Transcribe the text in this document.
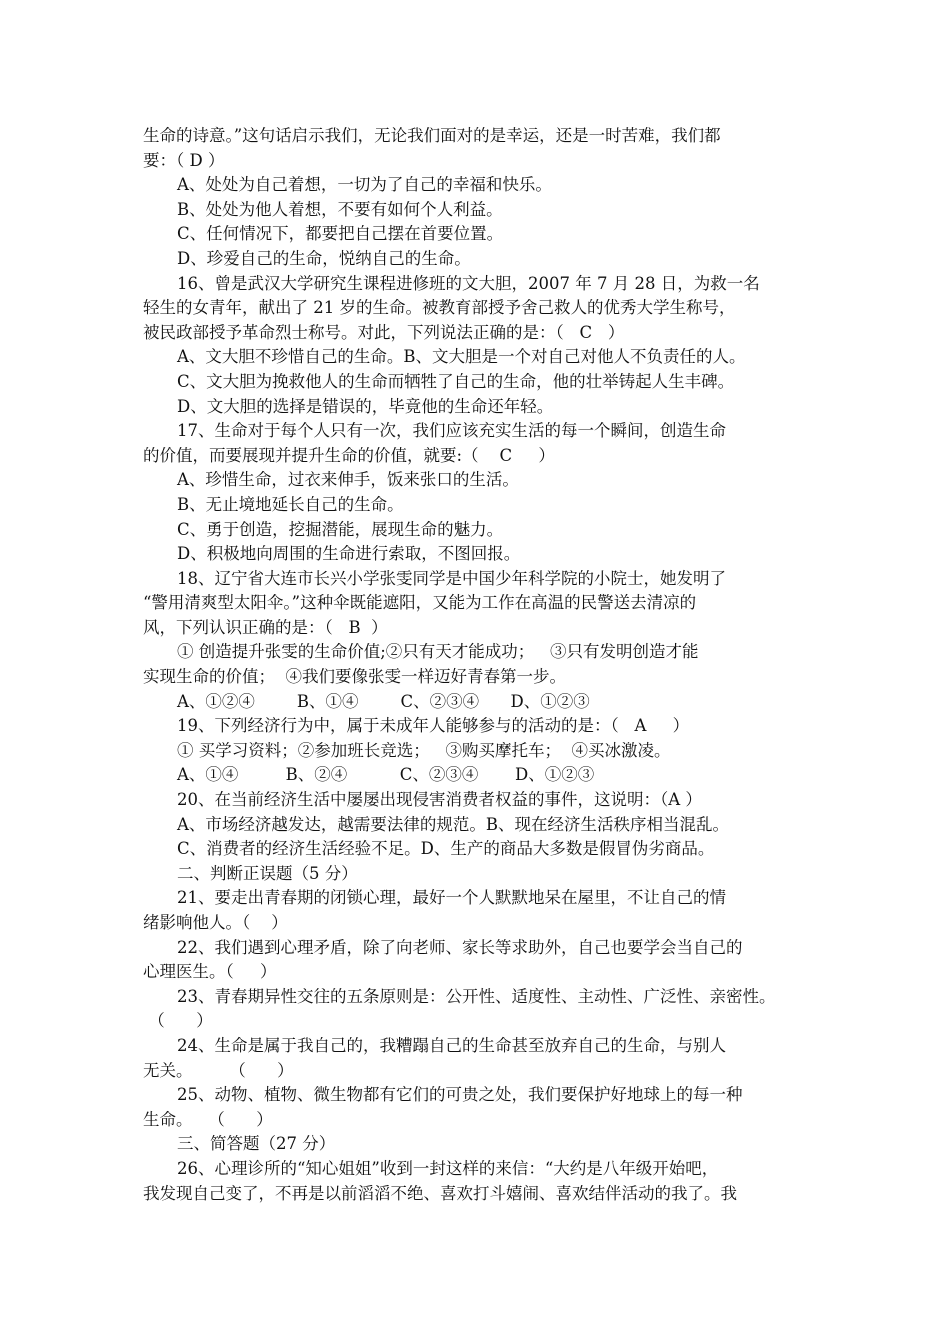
生命的诗意。”这句话启示我们，无论我们面对的是幸运，还是一时苦难，我们都
要：（ D ）
A、处处为自己着想，一切为了自己的幸福和快乐。
B、处处为他人着想，不要有如何个人利益。
C、任何情况下，都要把自己摆在首要位置。
D、珍爱自己的生命，悦纳自己的生命。
16、曾是武汉大学研究生课程进修班的文大胆，2007 年 7 月 28 日，为救一名
轻生的女青年，献出了 21 岁的生命。被教育部授予舍己救人的优秀大学生称号，
被民政部授予革命烈士称号。对此，下列说法正确的是：（   C   ）
A、文大胆不珍惜自己的生命。B、文大胆是一个对自己对他人不负责任的人。
C、文大胆为挽救他人的生命而牺牲了自己的生命，他的壮举铸起人生丰碑。
D、文大胆的选择是错误的，毕竟他的生命还年轻。
17、生命对于每个人只有一次，我们应该充实生活的每一个瞬间，创造生命
的价值，而要展现并提升生命的价值，就要:（    C     ）
A、珍惜生命，过衣来伸手，饭来张口的生活。
B、无止境地延长自己的生命。
C、勇于创造，挖掘潜能，展现生命的魅力。
D、积极地向周围的生命进行索取，不图回报。
18、辽宁省大连市长兴小学张雯同学是中国少年科学院的小院士，她发明了
“警用清爽型太阳伞。”这种伞既能遮阳，又能为工作在高温的民警送去清凉的
风，下列认识正确的是：（   B  ）
① 创造提升张雯的生命价值;②只有天才能成功；   ③只有发明创造才能
实现生命的价值；  ④我们要像张雯一样迈好青春第一步。
A、①②④        B、①④        C、②③④      D、①②③
19、下列经济行为中，属于未成年人能够参与的活动的是：（   A     ）
① 买学习资料；②参加班长竞选；   ③购买摩托车；  ④买冰激凌。
A、①④         B、②④          C、②③④       D、①②③
20、在当前经济生活中屡屡出现侵害消费者权益的事件，这说明：（A ）
A、市场经济越发达，越需要法律的规范。B、现在经济生活秩序相当混乱。
C、消费者的经济生活经验不足。D、生产的商品大多数是假冒伪劣商品。
二、判断正误题（5 分）
21、要走出青春期的闭锁心理，最好一个人默默地呆在屋里，不让自己的情
绪影响他人。（    ）
22、我们遇到心理矛盾，除了向老师、家长等求助外，自己也要学会当自己的
心理医生。（     ）
23、青春期异性交往的五条原则是：公开性、适度性、主动性、广泛性、亲密性。
（      ）
24、生命是属于我自己的，我糟蹋自己的生命甚至放弃自己的生命，与别人
无关。       （      ）
25、动物、植物、微生物都有它们的可贵之处，我们要保护好地球上的每一种
生命。   （      ）
三、简答题（27 分）
26、心理诊所的“知心姐姐”收到一封这样的来信：“大约是八年级开始吧，
我发现自己变了，不再是以前滔滔不绝、喜欢打斗嬉闹、喜欢结伴活动的我了。我
